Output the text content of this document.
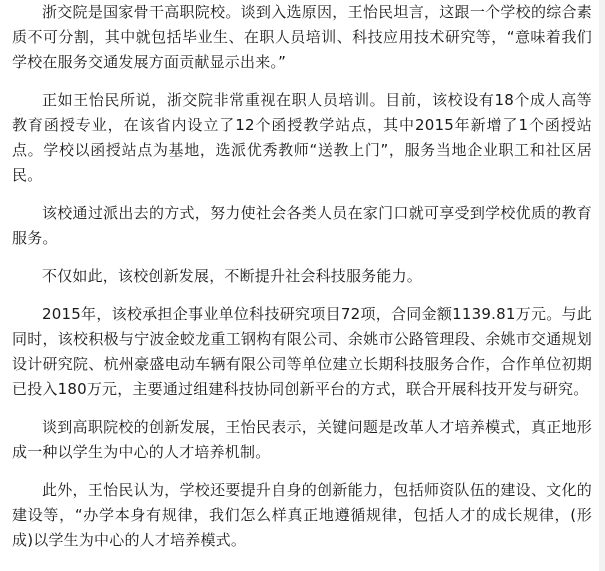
浙交院是国家骨干高职院校。谈到入选原因，王怡民坦言，这跟一个学校的综合素质不可分割，其中就包括毕业生、在职人员培训、科技应用技术研究等，“意味着我们学校在服务交通发展方面贡献显示出来。”

正如王怡民所说，浙交院非常重视在职人员培训。目前，该校设有18个成人高等教育函授专业，在该省内设立了12个函授教学站点，其中2015年新增了1个函授站点。学校以函授站点为基地，选派优秀教师“送教上门”，服务当地企业职工和社区居民。

该校通过派出去的方式，努力使社会各类人员在家门口就可享受到学校优质的教育服务。

不仅如此，该校创新发展，不断提升社会科技服务能力。

2015年，该校承担企事业单位科技研究项目72项，合同金额1139.81万元。与此同时，该校积极与宁波金蛟龙重工钢构有限公司、余姚市公路管理段、余姚市交通规划设计研究院、杭州豪盛电动车辆有限公司等单位建立长期科技服务合作，合作单位初期已投入180万元，主要通过组建科技协同创新平台的方式，联合开展科技开发与研究。

谈到高职院校的创新发展，王怡民表示，关键问题是改革人才培养模式，真正地形成一种以学生为中心的人才培养机制。

此外，王怡民认为，学校还要提升自身的创新能力，包括师资队伍的建设、文化的建设等，“办学本身有规律，我们怎么样真正地遵循规律，包括人才的成长规律，(形成)以学生为中心的人才培养模式。
